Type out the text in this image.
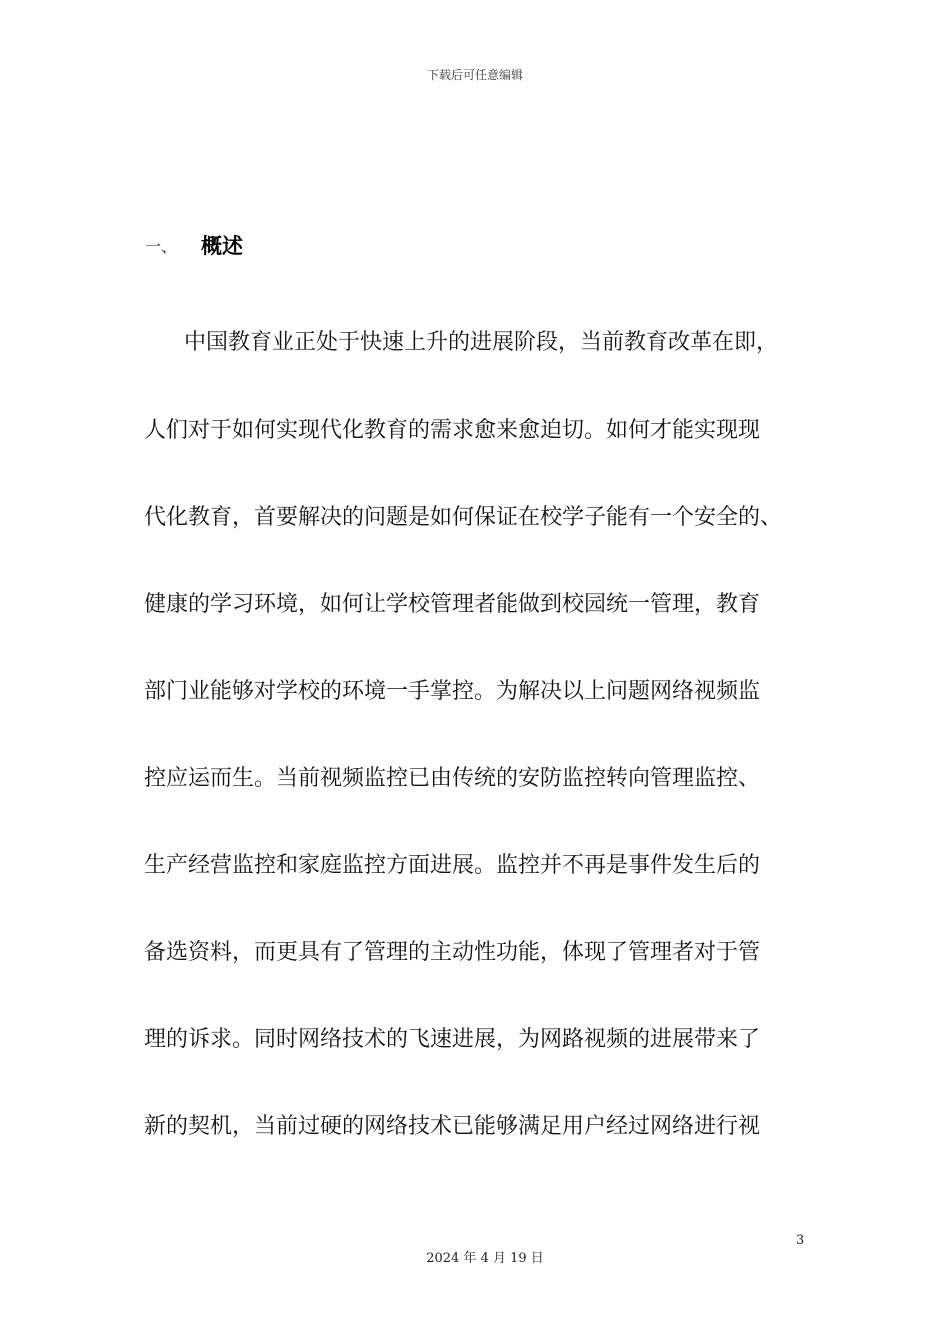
下载后可任意编辑
一、	概述
中国教育业正处于快速上升的进展阶段，当前教育改革在即，
人们对于如何实现代化教育的需求愈来愈迫切。如何才能实现现
代化教育，首要解决的问题是如何保证在校学子能有一个安全的、
健康的学习环境，如何让学校管理者能做到校园统一管理，教育
部门业能够对学校的环境一手掌控。为解决以上问题网络视频监
控应运而生。当前视频监控已由传统的安防监控转向管理监控、
生产经营监控和家庭监控方面进展。监控并不再是事件发生后的
备选资料，而更具有了管理的主动性功能，体现了管理者对于管
理的诉求。同时网络技术的飞速进展，为网路视频的进展带来了
新的契机，当前过硬的网络技术已能够满足用户经过网络进行视
3
2024 年 4 月 19 日
